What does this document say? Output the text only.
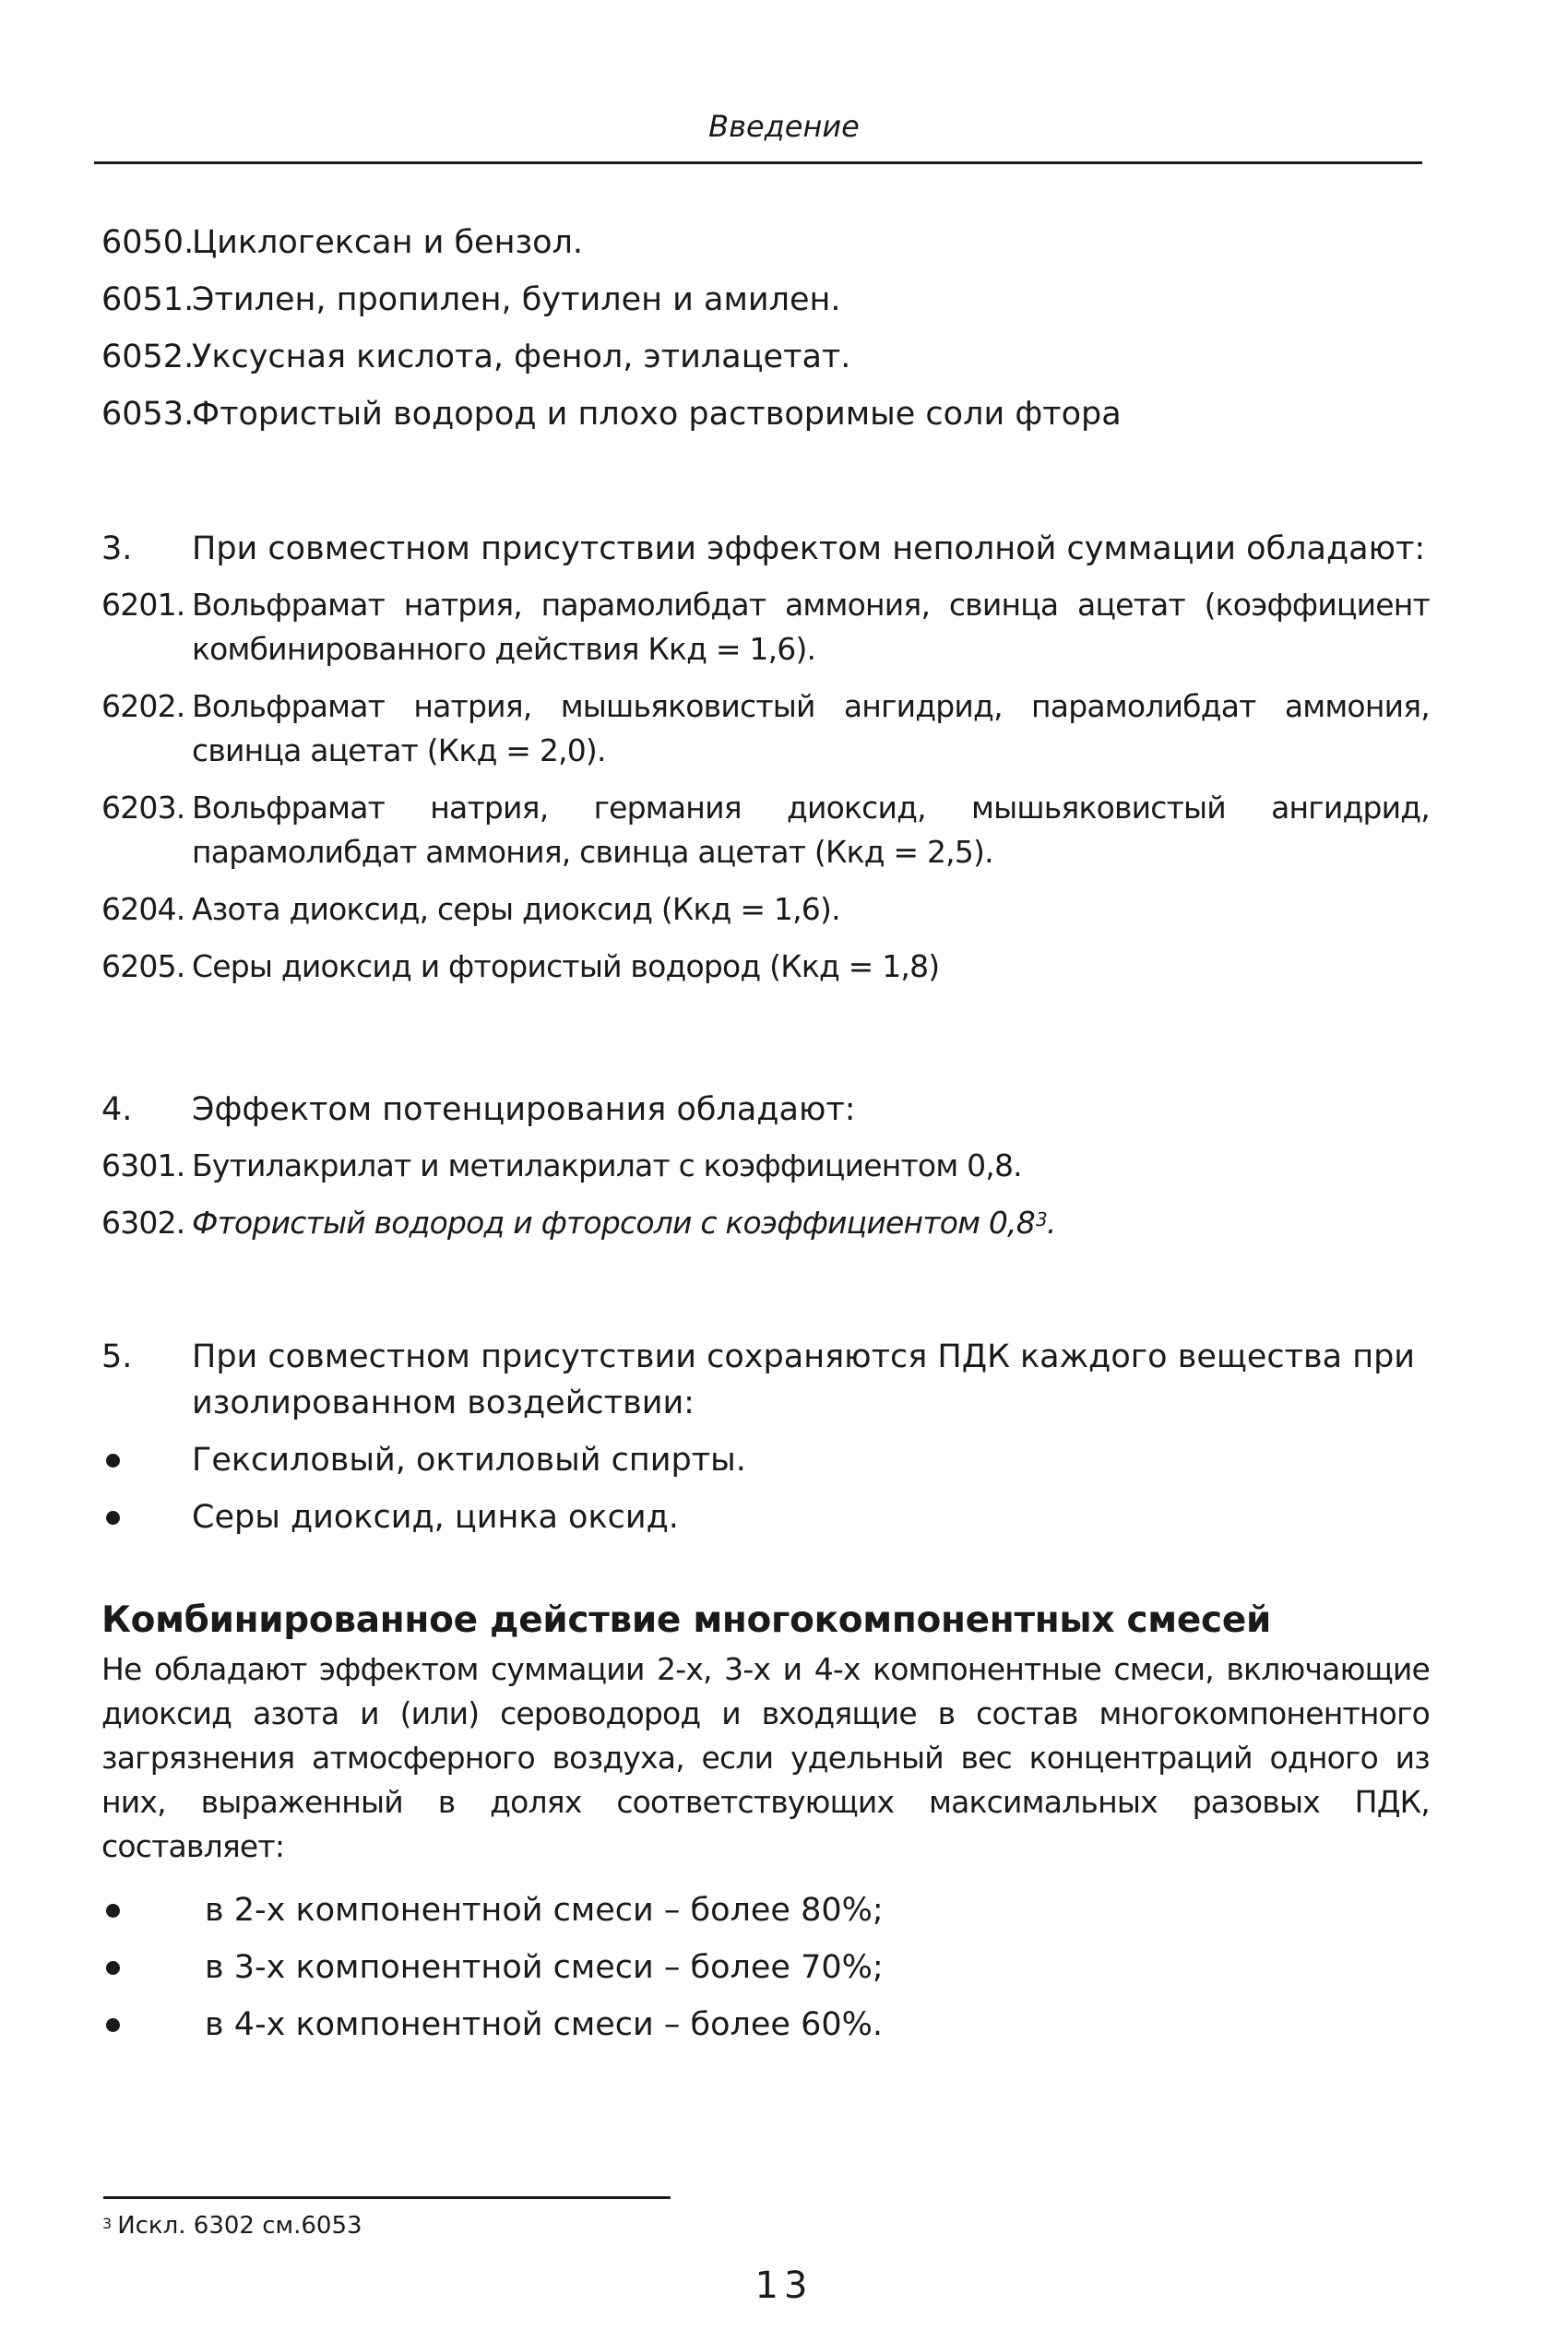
Введение
6050.
Циклогексан и бензол.
6051.
Этилен, пропилен, бутилен и амилен.
6052.
Уксусная кислота, фенол, этилацетат.
6053.
Фтористый водород и плохо растворимые соли фтора
3. При совместном присутствии эффектом неполной суммации обладают:
6201. Вольфрамат натрия, парамолибдат аммония, свинца ацетат (коэффициент комбинированного действия Ккд = 1,6).
6202. Вольфрамат натрия, мышьяковистый ангидрид, парамолибдат аммония, свинца ацетат (Ккд = 2,0).
6203. Вольфрамат натрия, германия диоксид, мышьяковистый ангидрид, парамолибдат аммония, свинца ацетат (Ккд = 2,5).
6204. Азота диоксид, серы диоксид (Ккд = 1,6).
6205. Серы диоксид и фтористый водород (Ккд = 1,8)
4. Эффектом потенцирования обладают:
6301. Бутилакрилат и метилакрилат с коэффициентом 0,8.
6302. Фтористый водород и фторсоли с коэффициентом $0,8^3$.
5. При совместном присутствии сохраняются ПДК каждого вещества при изолированном воздействии:
Гексиловый, октиловый спирты.
Серы диоксид, цинка оксид.
Комбинированное действие многокомпонентных смесей

Не обладают эффектом суммации 2-х, 3-х и 4-х компонентные смеси, включающие диоксид азота и (или) сероводород и входящие в состав многокомпонентного загрязнения атмосферного воздуха, если удельный вес концентраций одного из них, выраженный в долях соответствующих максимальных разовых ПДК, составляет:

в 2-х компонентной смеси – более 80%;
в 3-х компонентной смеси – более 70%;
в 4-х компонентной смеси – более 60%.
$^3$ Искл. 6302 см.6053
13
